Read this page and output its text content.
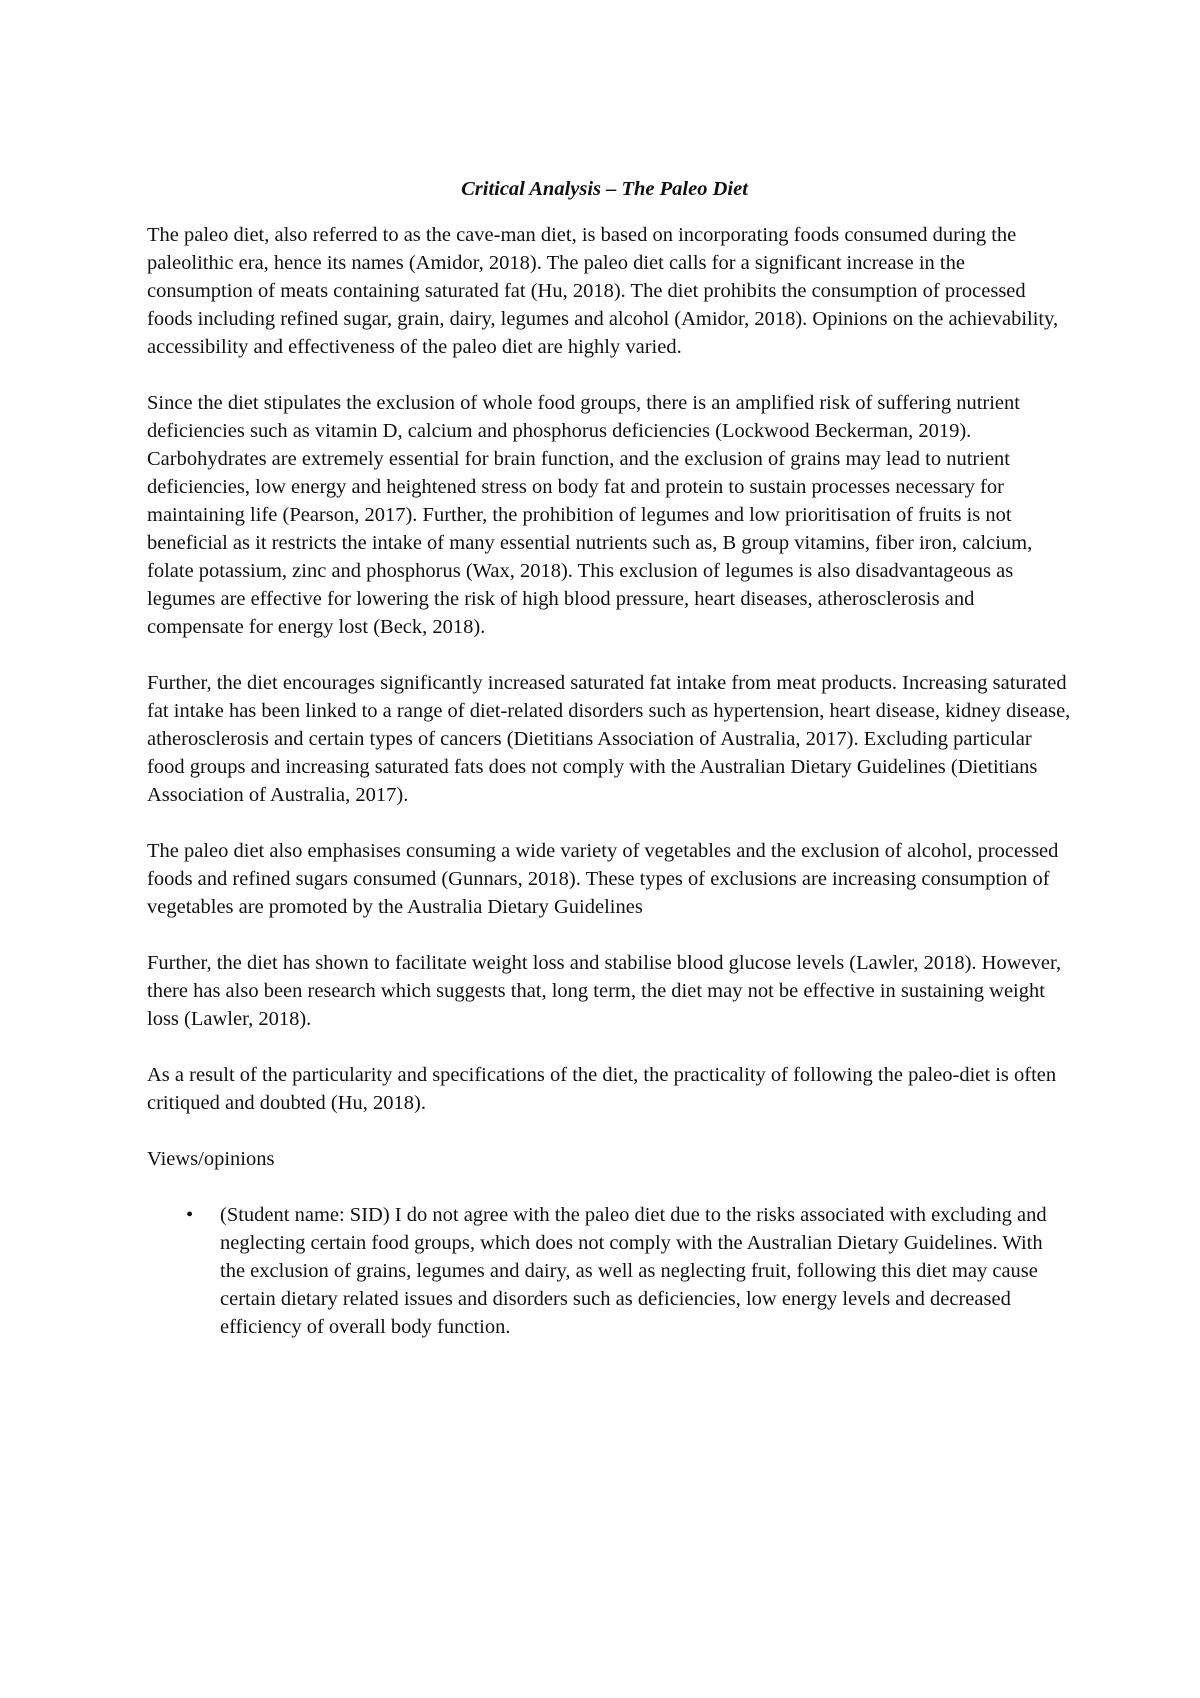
Critical Analysis – The Paleo Diet

The paleo diet, also referred to as the cave-man diet, is based on incorporating foods consumed during the paleolithic era, hence its names (Amidor, 2018). The paleo diet calls for a significant increase in the consumption of meats containing saturated fat (Hu, 2018). The diet prohibits the consumption of processed foods including refined sugar, grain, dairy, legumes and alcohol (Amidor, 2018). Opinions on the achievability, accessibility and effectiveness of the paleo diet are highly varied.

Since the diet stipulates the exclusion of whole food groups, there is an amplified risk of suffering nutrient deficiencies such as vitamin D, calcium and phosphorus deficiencies (Lockwood Beckerman, 2019). Carbohydrates are extremely essential for brain function, and the exclusion of grains may lead to nutrient deficiencies, low energy and heightened stress on body fat and protein to sustain processes necessary for maintaining life (Pearson, 2017). Further, the prohibition of legumes and low prioritisation of fruits is not beneficial as it restricts the intake of many essential nutrients such as, B group vitamins, fiber iron, calcium, folate potassium, zinc and phosphorus (Wax, 2018). This exclusion of legumes is also disadvantageous as legumes are effective for lowering the risk of high blood pressure, heart diseases, atherosclerosis and compensate for energy lost (Beck, 2018).

Further, the diet encourages significantly increased saturated fat intake from meat products. Increasing saturated fat intake has been linked to a range of diet-related disorders such as hypertension, heart disease, kidney disease, atherosclerosis and certain types of cancers (Dietitians Association of Australia, 2017). Excluding particular food groups and increasing saturated fats does not comply with the Australian Dietary Guidelines (Dietitians Association of Australia, 2017).

The paleo diet also emphasises consuming a wide variety of vegetables and the exclusion of alcohol, processed foods and refined sugars consumed (Gunnars, 2018). These types of exclusions are increasing consumption of vegetables are promoted by the Australia Dietary Guidelines

Further, the diet has shown to facilitate weight loss and stabilise blood glucose levels (Lawler, 2018). However, there has also been research which suggests that, long term, the diet may not be effective in sustaining weight loss (Lawler, 2018).

As a result of the particularity and specifications of the diet, the practicality of following the paleo-diet is often critiqued and doubted (Hu, 2018).

Views/opinions
• (Student name: SID) I do not agree with the paleo diet due to the risks associated with excluding and neglecting certain food groups, which does not comply with the Australian Dietary Guidelines. With the exclusion of grains, legumes and dairy, as well as neglecting fruit, following this diet may cause certain dietary related issues and disorders such as deficiencies, low energy levels and decreased efficiency of overall body function.
